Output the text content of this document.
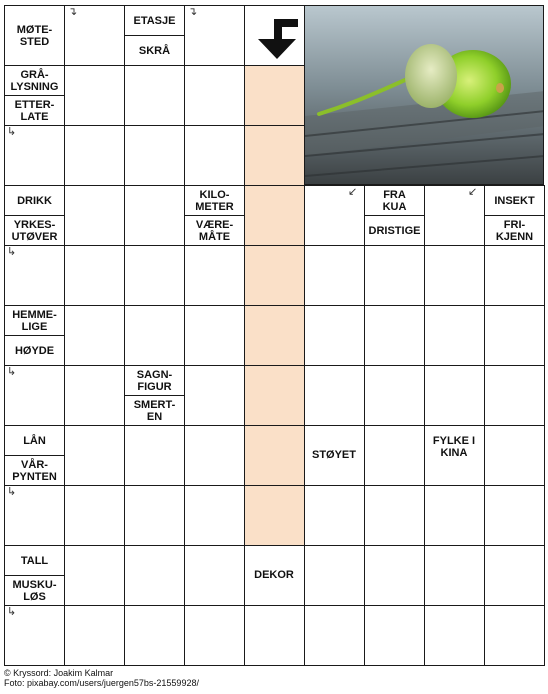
MØTE-
STED
ETASJE
SKRÅ
GRÅ-
LYSNING
ETTER-
LATE
DRIKK
YRKES-
UTØVER
KILO-
METER
VÆRE-
MÅTE
FRA
KUA
DRISTIGE
INSEKT
FRI-
KJENN
HEMME-
LIGE
HØYDE
SAGN-
FIGUR
SMERT-
EN
LÅN
VÅR-
PYNTEN
TALL
MUSKU-
LØS
STØYET
FYLKE I
KINA
DEKOR
↴	↴
↳
↳
↳
↳
↳
↙	↙
© Kryssord: Joakim Kalmar
Foto: pixabay.com/users/juergen57bs-21559928/
